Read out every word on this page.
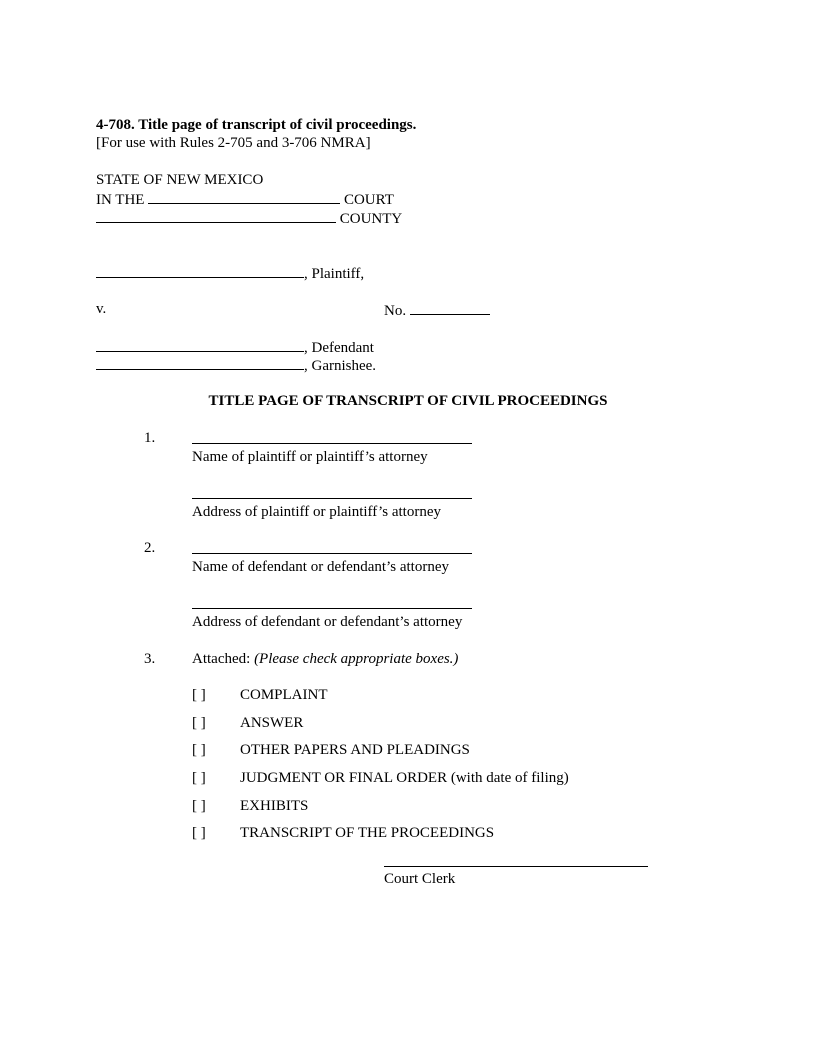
4-708. Title page of transcript of civil proceedings.
[For use with Rules 2-705 and 3-706 NMRA]
STATE OF NEW MEXICO
IN THE	COURT
COUNTY
, Plaintiff,
v.	No.
, Defendant
, Garnishee.
TITLE PAGE OF TRANSCRIPT OF CIVIL PROCEEDINGS
1.
Name of plaintiff or plaintiff’s attorney
Address of plaintiff or plaintiff’s attorney
2.
Name of defendant or defendant’s attorney
Address of defendant or defendant’s attorney
3. Attached: (Please check appropriate boxes.)
[ ] COMPLAINT
[ ] ANSWER
[ ] OTHER PAPERS AND PLEADINGS
[ ] JUDGMENT OR FINAL ORDER (with date of filing)
[ ] EXHIBITS
[ ] TRANSCRIPT OF THE PROCEEDINGS
Court Clerk
